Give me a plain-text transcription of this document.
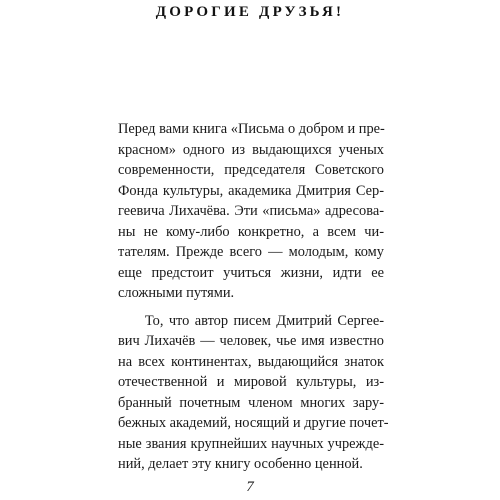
ДОРОГИЕ ДРУЗЬЯ!
Перед вами книга «Письма о добром и пре-
красном» одного из выдающихся ученых
современности, председателя Советского
Фонда культуры, академика Дмитрия Сер-
геевича Лихачёва. Эти «письма» адресова-
ны не кому-либо конкретно, а всем чи-
тателям. Прежде всего — молодым, кому
еще предстоит учиться жизни, идти ее
сложными путями.
То, что автор писем Дмитрий Сергее-
вич Лихачёв — человек, чье имя известно
на всех континентах, выдающийся знаток
отечественной и мировой культуры, из-
бранный почетным членом многих зару-
бежных академий, носящий и другие почет-
ные звания крупнейших научных учрежде-
ний, делает эту книгу особенно ценной.
7
